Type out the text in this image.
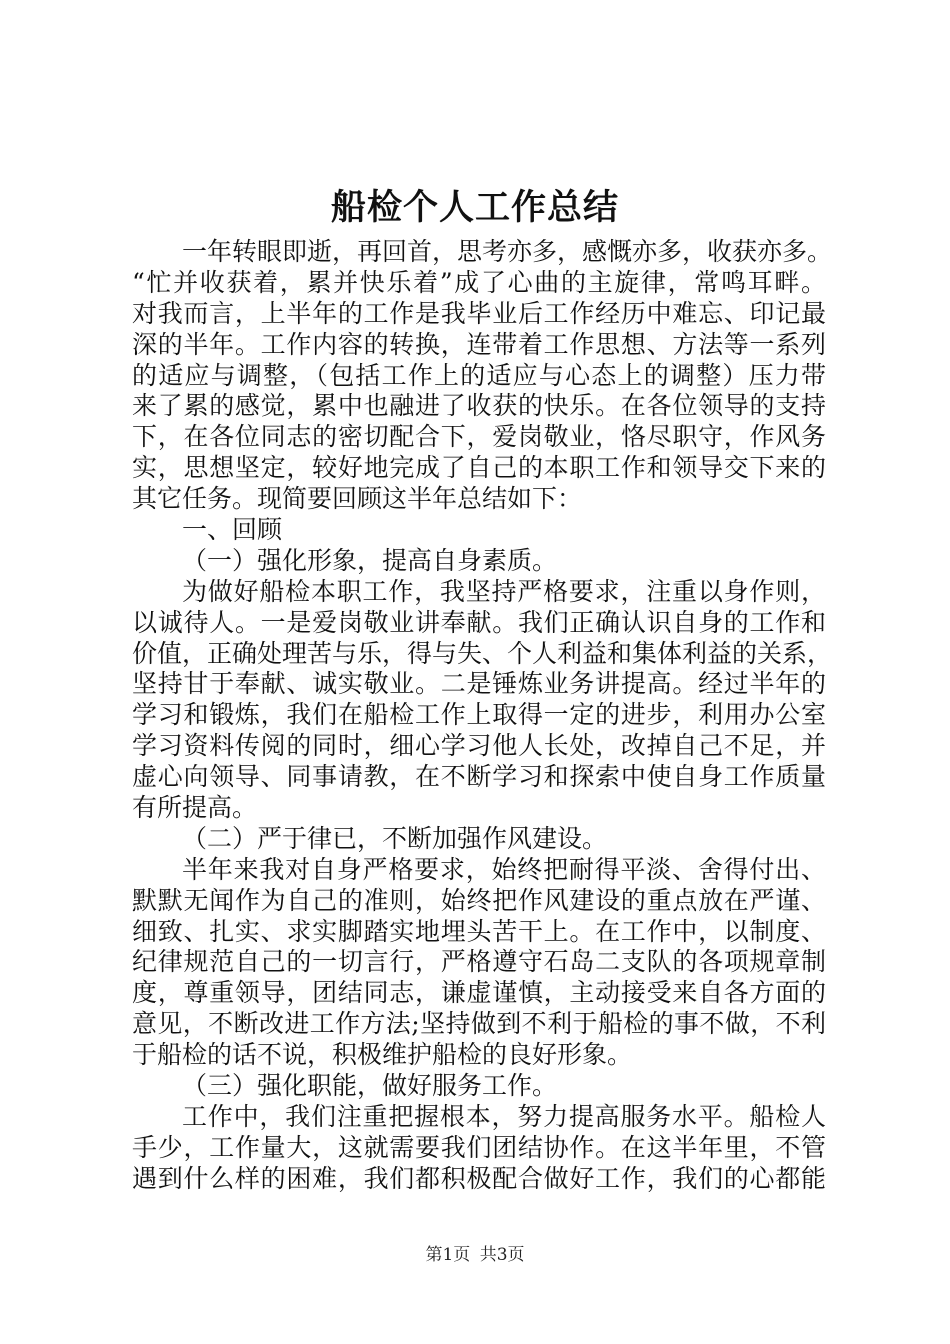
船检个人工作总结
一年转眼即逝，再回首，思考亦多，感慨亦多，收获亦多。
“忙并收获着，累并快乐着”成了心曲的主旋律，常鸣耳畔。
对我而言，上半年的工作是我毕业后工作经历中难忘、印记最
深的半年。工作内容的转换，连带着工作思想、方法等一系列
的适应与调整，（包括工作上的适应与心态上的调整）压力带
来了累的感觉，累中也融进了收获的快乐。在各位领导的支持
下，在各位同志的密切配合下，爱岗敬业，恪尽职守，作风务
实，思想坚定，较好地完成了自己的本职工作和领导交下来的
其它任务。现简要回顾这半年总结如下：
一、回顾
（一）强化形象，提高自身素质。
为做好船检本职工作，我坚持严格要求，注重以身作则，
以诚待人。一是爱岗敬业讲奉献。我们正确认识自身的工作和
价值，正确处理苦与乐，得与失、个人利益和集体利益的关系，
坚持甘于奉献、诚实敬业。二是锤炼业务讲提高。经过半年的
学习和锻炼，我们在船检工作上取得一定的进步，利用办公室
学习资料传阅的同时，细心学习他人长处，改掉自己不足，并
虚心向领导、同事请教，在不断学习和探索中使自身工作质量
有所提高。
（二）严于律已，不断加强作风建设。
半年来我对自身严格要求，始终把耐得平淡、舍得付出、
默默无闻作为自己的准则，始终把作风建设的重点放在严谨、
细致、扎实、求实脚踏实地埋头苦干上。在工作中，以制度、
纪律规范自己的一切言行，严格遵守石岛二支队的各项规章制
度，尊重领导，团结同志，谦虚谨慎，主动接受来自各方面的
意见，不断改进工作方法;坚持做到不利于船检的事不做，不利
于船检的话不说，积极维护船检的良好形象。
（三）强化职能，做好服务工作。
工作中，我们注重把握根本，努力提高服务水平。船检人
手少，工作量大，这就需要我们团结协作。在这半年里，不管
遇到什么样的困难，我们都积极配合做好工作，我们的心都能
第1页 共3页
